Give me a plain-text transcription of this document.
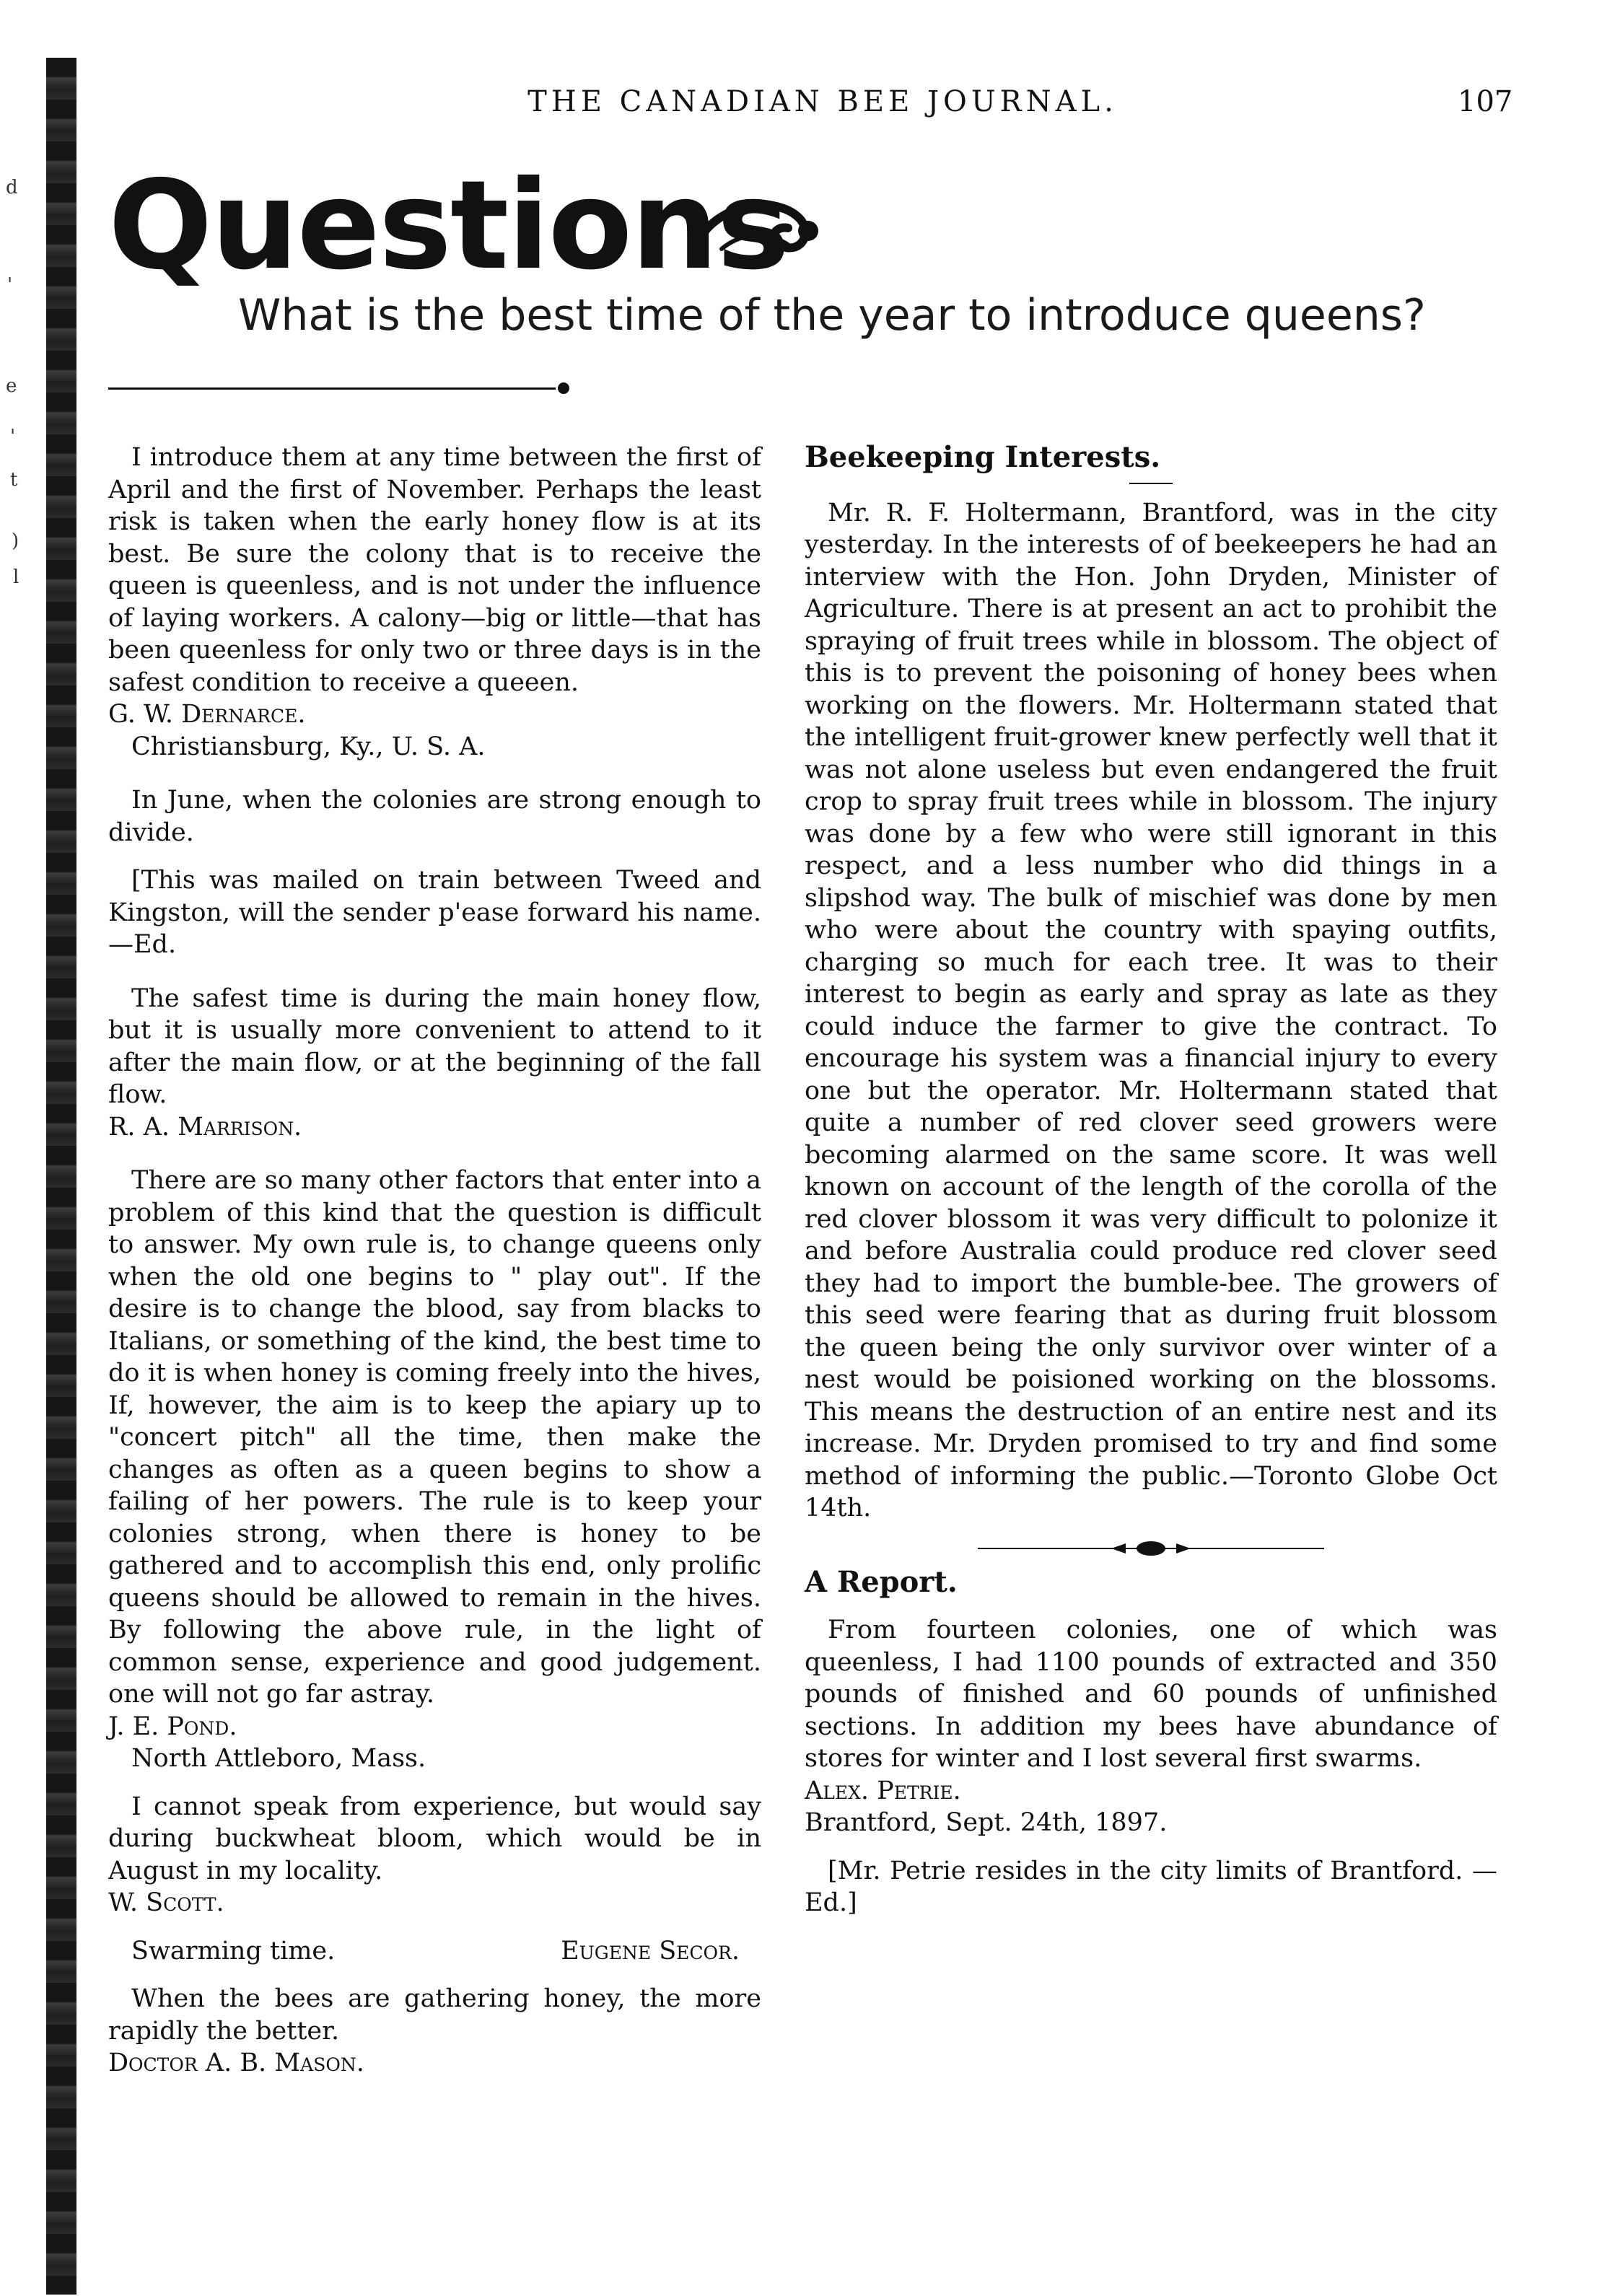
d
'
e
'
t
)
l
THE CANADIAN BEE JOURNAL.	107
Questions
What is the best time of the year to introduce queens?

I introduce them at any time between the first of April and the first of November. Perhaps the least risk is taken when the early honey flow is at its best. Be sure the colony that is to receive the queen is queenless, and is not under the influence of laying workers. A calony—big or little—that has been queenless for only two or three days is in the safest condition to receive a queeen.

G. W. Dernarce.

Christiansburg, Ky., U. S. A.

In June, when the colonies are strong enough to divide.

[This was mailed on train between Tweed and Kingston, will the sender p'ease forward his name.—Ed.

The safest time is during the main honey flow, but it is usually more convenient to attend to it after the main flow, or at the beginning of the fall flow.

R. A. Marrison.

There are so many other factors that enter into a problem of this kind that the question is difficult to answer. My own rule is, to change queens only when the old one begins to " play out". If the desire is to change the blood, say from blacks to Italians, or something of the kind, the best time to do it is when honey is coming freely into the hives, If, however, the aim is to keep the apiary up to "concert pitch" all the time, then make the changes as often as a queen begins to show a failing of her powers. The rule is to keep your colonies strong, when there is honey to be gathered and to accomplish this end, only prolific queens should be allowed to remain in the hives. By following the above rule, in the light of common sense, experience and good judgement. one will not go far astray.

J. E. Pond.

North Attleboro, Mass.

I cannot speak from experience, but would say during buckwheat bloom, which would be in August in my locality.

W. Scott.

Swarming time.	Eugene Secor.

When the bees are gathering honey, the more rapidly the better.

Doctor A. B. Mason.

Beekeeping Interests.

Mr. R. F. Holtermann, Brantford, was in the city yesterday. In the interests of of beekeepers he had an interview with the Hon. John Dryden, Minister of Agriculture. There is at present an act to prohibit the spraying of fruit trees while in blossom. The object of this is to prevent the poisoning of honey bees when working on the flowers. Mr. Holtermann stated that the intelligent fruit-grower knew perfectly well that it was not alone useless but even endangered the fruit crop to spray fruit trees while in blossom. The injury was done by a few who were still ignorant in this respect, and a less number who did things in a slipshod way. The bulk of mischief was done by men who were about the country with spaying outfits, charging so much for each tree. It was to their interest to begin as early and spray as late as they could induce the farmer to give the contract. To encourage his system was a financial injury to every one but the operator. Mr. Holtermann stated that quite a number of red clover seed growers were becoming alarmed on the same score. It was well known on account of the length of the corolla of the red clover blossom it was very difficult to polonize it and before Australia could produce red clover seed they had to import the bumble-bee. The growers of this seed were fearing that as during fruit blossom the queen being the only survivor over winter of a nest would be poisioned working on the blossoms. This means the destruction of an entire nest and its increase. Mr. Dryden promised to try and find some method of informing the public.—Toronto Globe Oct 14th.

A Report.

From fourteen colonies, one of which was queenless, I had 1100 pounds of extracted and 350 pounds of finished and 60 pounds of unfinished sections. In addition my bees have abundance of stores for winter and I lost several first swarms.

Alex. Petrie.

Brantford, Sept. 24th, 1897.

[Mr. Petrie resides in the city limits of Brantford. —Ed.]
